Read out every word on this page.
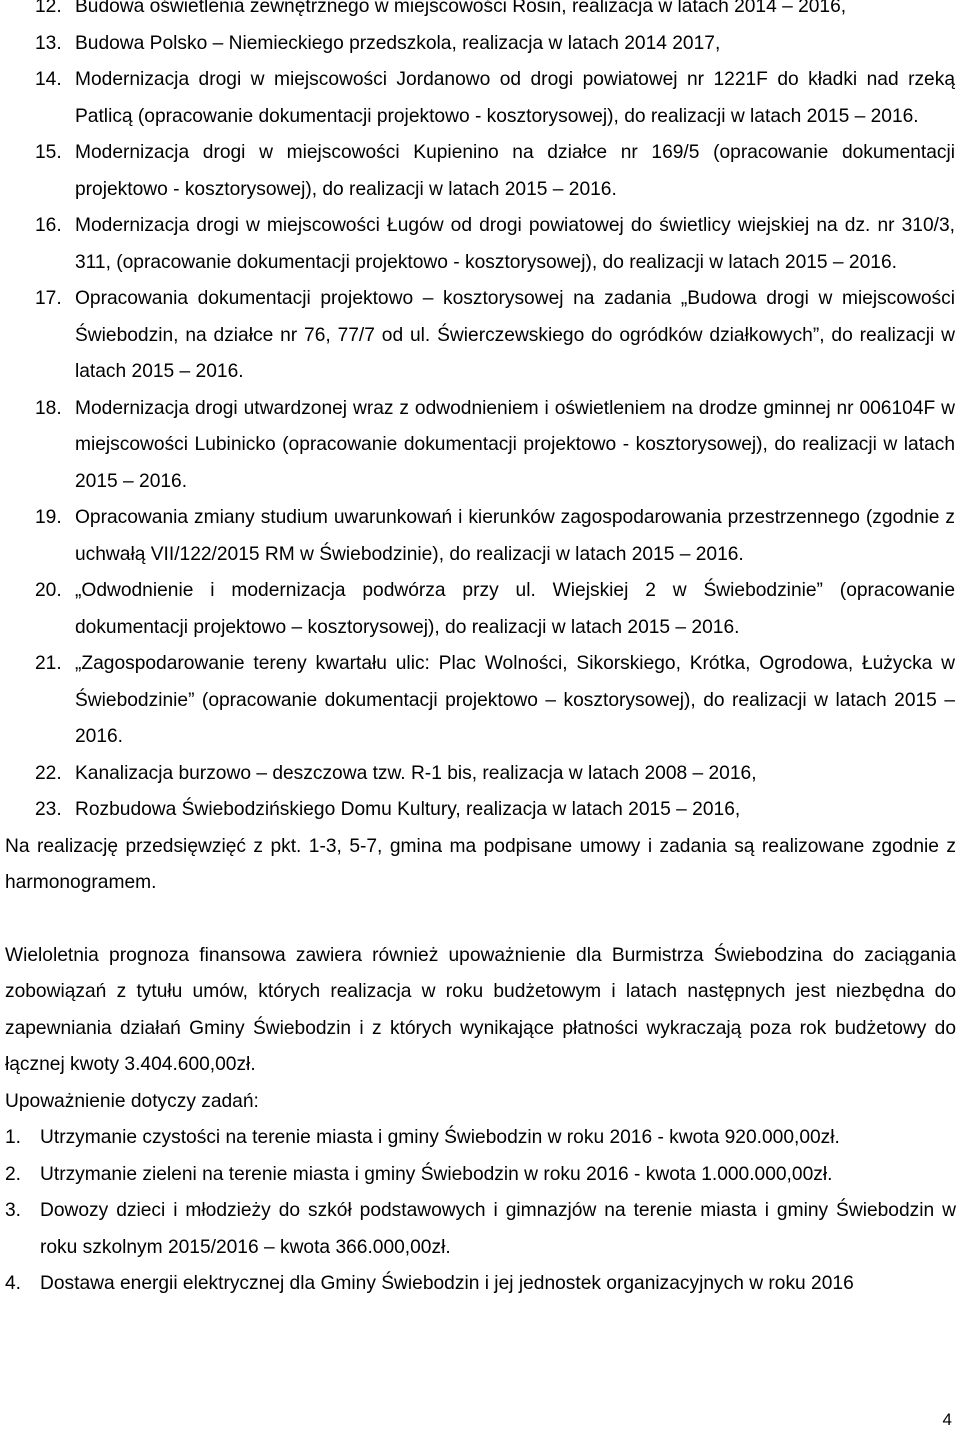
12. Budowa oświetlenia zewnętrznego w miejscowości Rosin, realizacja w latach 2014 – 2016,
13. Budowa Polsko – Niemieckiego przedszkola, realizacja w latach 2014 2017,
14. Modernizacja drogi w miejscowości Jordanowo od drogi powiatowej nr 1221F do kładki nad rzeką Patlicą (opracowanie dokumentacji projektowo - kosztorysowej), do realizacji w latach 2015 – 2016.
15. Modernizacja drogi w miejscowości Kupienino na działce nr 169/5 (opracowanie dokumentacji projektowo - kosztorysowej), do realizacji w latach 2015 – 2016.
16. Modernizacja drogi w miejscowości Ługów od drogi powiatowej do świetlicy wiejskiej na dz. nr 310/3, 311, (opracowanie dokumentacji projektowo - kosztorysowej), do realizacji w latach 2015 – 2016.
17. Opracowania dokumentacji projektowo – kosztorysowej na zadania „Budowa drogi w miejscowości Świebodzin, na działce nr 76, 77/7 od ul. Świerczewskiego do ogródków działkowych”, do realizacji w latach 2015 – 2016.
18. Modernizacja drogi utwardzonej wraz z odwodnieniem i oświetleniem na drodze gminnej nr 006104F w miejscowości Lubinicko (opracowanie dokumentacji projektowo - kosztorysowej), do realizacji w latach 2015 – 2016.
19. Opracowania zmiany studium uwarunkowań i kierunków zagospodarowania przestrzennego (zgodnie z uchwałą VII/122/2015 RM w Świebodzinie), do realizacji w latach 2015 – 2016.
20. „Odwodnienie i modernizacja podwórza przy ul. Wiejskiej 2 w Świebodzinie” (opracowanie dokumentacji projektowo – kosztorysowej), do realizacji w latach 2015 – 2016.
21. „Zagospodarowanie tereny kwartału ulic: Plac Wolności, Sikorskiego, Krótka, Ogrodowa, Łużycka w Świebodzinie” (opracowanie dokumentacji projektowo – kosztorysowej), do realizacji w latach 2015 – 2016.
22. Kanalizacja burzowo – deszczowa tzw. R-1 bis, realizacja w latach 2008 – 2016,
23. Rozbudowa Świebodzińskiego Domu Kultury, realizacja w latach 2015 – 2016,

Na realizację przedsięwzięć z pkt. 1-3, 5-7, gmina ma podpisane umowy i zadania są realizowane zgodnie z harmonogramem.

Wieloletnia prognoza finansowa zawiera również upoważnienie dla Burmistrza Świebodzina do zaciągania zobowiązań z tytułu umów, których realizacja w roku budżetowym i latach następnych jest niezbędna do zapewniania działań Gminy Świebodzin i z których wynikające płatności wykraczają poza rok budżetowy do łącznej kwoty 3.404.600,00zł.

Upoważnienie dotyczy zadań:

1. Utrzymanie czystości na terenie miasta i gminy Świebodzin w roku 2016 - kwota 920.000,00zł.
2. Utrzymanie zieleni na terenie miasta i gminy Świebodzin w roku 2016 - kwota 1.000.000,00zł.
3. Dowozy dzieci i młodzieży do szkół podstawowych i gimnazjów na terenie miasta i gminy Świebodzin w roku szkolnym 2015/2016 – kwota 366.000,00zł.
4. Dostawa energii elektrycznej dla Gminy Świebodzin i jej jednostek organizacyjnych w roku 2016
4
